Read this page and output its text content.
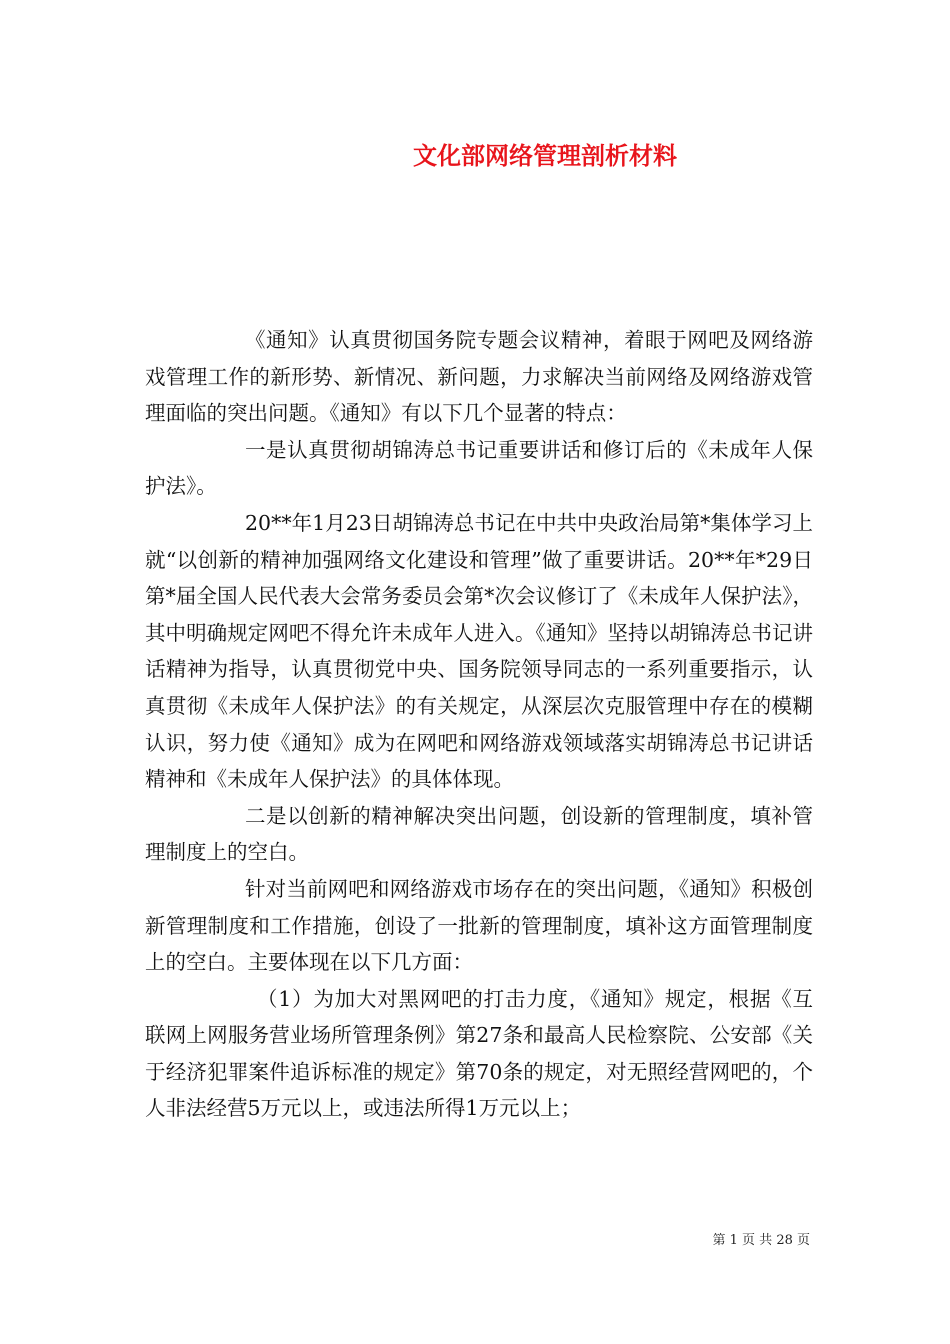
文化部网络管理剖析材料

《通知》认真贯彻国务院专题会议精神，着眼于网吧及网络游戏管理工作的新形势、新情况、新问题，力求解决当前网络及网络游戏管理面临的突出问题。《通知》有以下几个显著的特点：

一是认真贯彻胡锦涛总书记重要讲话和修订后的《未成年人保护法》。

20**年1月23日胡锦涛总书记在中共中央政治局第*集体学习上就“以创新的精神加强网络文化建设和管理”做了重要讲话。20**年*29日第*届全国人民代表大会常务委员会第*次会议修订了《未成年人保护法》，其中明确规定网吧不得允许未成年人进入。《通知》坚持以胡锦涛总书记讲话精神为指导，认真贯彻党中央、国务院领导同志的一系列重要指示，认真贯彻《未成年人保护法》的有关规定，从深层次克服管理中存在的模糊认识，努力使《通知》成为在网吧和网络游戏领域落实胡锦涛总书记讲话精神和《未成年人保护法》的具体体现。

二是以创新的精神解决突出问题，创设新的管理制度，填补管理制度上的空白。

针对当前网吧和网络游戏市场存在的突出问题，《通知》积极创新管理制度和工作措施，创设了一批新的管理制度，填补这方面管理制度上的空白。主要体现在以下几方面：

（1）为加大对黑网吧的打击力度，《通知》规定，根据《互联网上网服务营业场所管理条例》第27条和最高人民检察院、公安部《关于经济犯罪案件追诉标准的规定》第70条的规定，对无照经营网吧的，个人非法经营5万元以上，或违法所得1万元以上；

第 1 页 共 28 页
